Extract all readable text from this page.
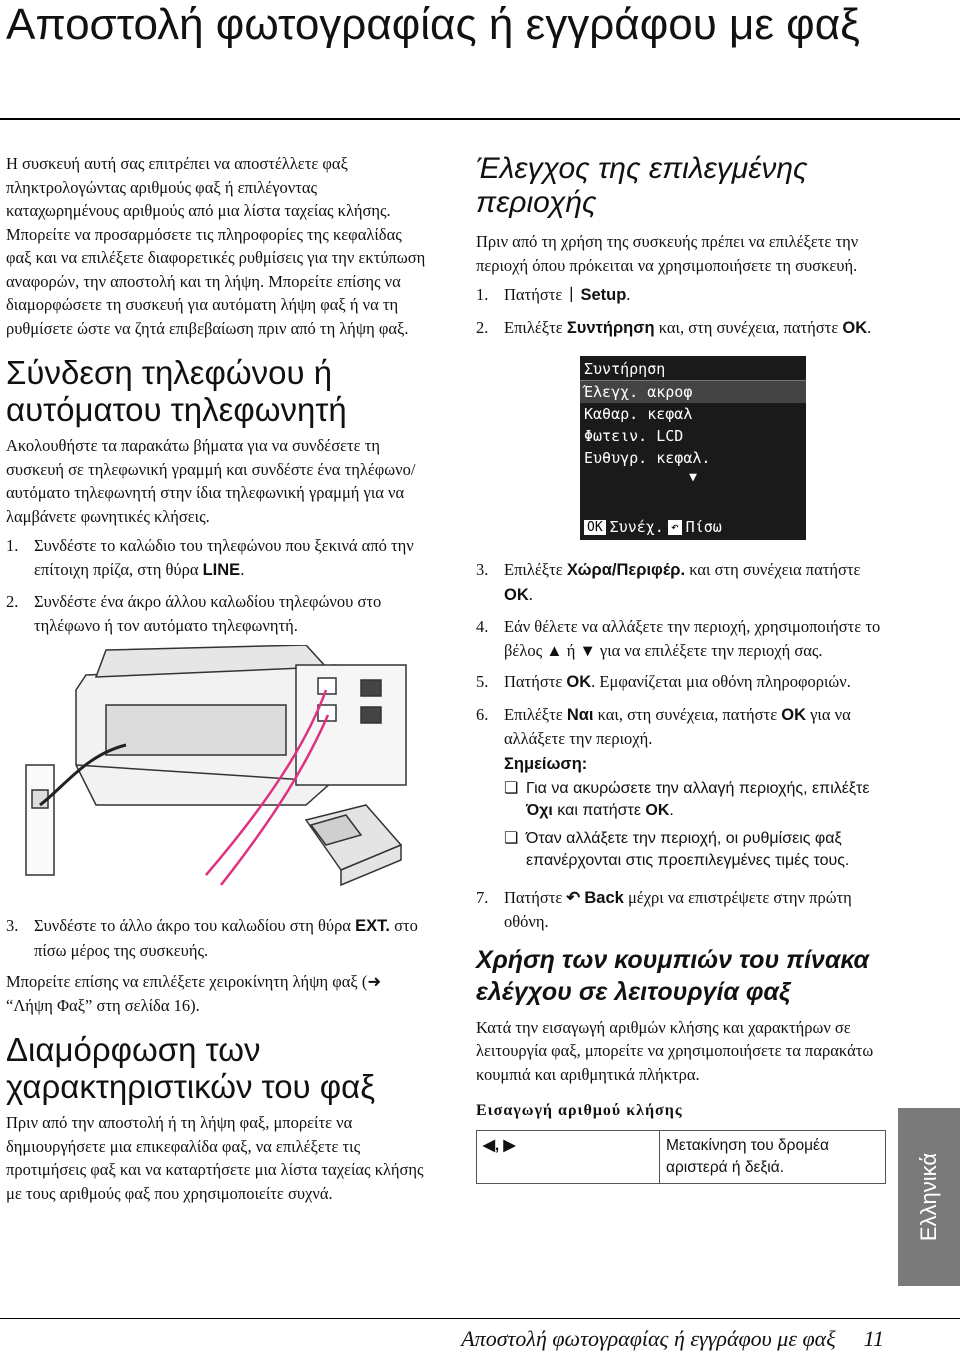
Αποστολή φωτογραφίας ή εγγράφου με φαξ

Η συσκευή αυτή σας επιτρέπει να αποστέλλετε φαξ πληκτρολογώντας αριθμούς φαξ ή επιλέγοντας καταχωρημένους αριθμούς από μια λίστα ταχείας κλήσης. Μπορείτε να προσαρμόσετε τις πληροφορίες της κεφαλίδας φαξ και να επιλέξετε διαφορετικές ρυθμίσεις για την εκτύπωση αναφορών, την αποστολή και τη λήψη. Μπορείτε επίσης να διαμορφώσετε τη συσκευή για αυτόματη λήψη φαξ ή να τη ρυθμίσετε ώστε να ζητά επιβεβαίωση πριν από τη λήψη φαξ.

Σύνδεση τηλεφώνου ή αυτόματου τηλεφωνητή

Ακολουθήστε τα παρακάτω βήματα για να συνδέσετε τη συσκευή σε τηλεφωνική γραμμή και συνδέστε ένα τηλέφωνο/αυτόματο τηλεφωνητή στην ίδια τηλεφωνική γραμμή για να λαμβάνετε φωνητικές κλήσεις.

1. Συνδέστε το καλώδιο του τηλεφώνου που ξεκινά από την επίτοιχη πρίζα, στη θύρα LINE.
2. Συνδέστε ένα άκρο άλλου καλωδίου τηλεφώνου στο τηλέφωνο ή τον αυτόματο τηλεφωνητή.
3. Συνδέστε το άλλο άκρο του καλωδίου στη θύρα EXT. στο πίσω μέρος της συσκευής.

Μπορείτε επίσης να επιλέξετε χειροκίνητη λήψη φαξ (➜ “Λήψη Φαξ” στη σελίδα 16).

Διαμόρφωση των χαρακτηριστικών του φαξ

Πριν από την αποστολή ή τη λήψη φαξ, μπορείτε να δημιουργήσετε μια επικεφαλίδα φαξ, να επιλέξετε τις προτιμήσεις φαξ και να καταρτήσετε μια λίστα ταχείας κλήσης με τους αριθμούς φαξ που χρησιμοποιείτε συχνά.

Έλεγχος της επιλεγμένης περιοχής

Πριν από τη χρήση της συσκευής πρέπει να επιλέξετε την περιοχή όπου πρόκειται να χρησιμοποιήσετε τη συσκευή.

1. Πατήστε ᛁ Setup.
2. Επιλέξτε Συντήρηση και, στη συνέχεια, πατήστε OK.
Συντήρηση
Έλεγχ. ακροφ
Καθαρ. κεφαλ
Φωτειν. LCD
Ευθυγρ. κεφαλ.
▼
OK Συνέχ. ↶ Πίσω
3. Επιλέξτε Χώρα/Περιφέρ. και στη συνέχεια πατήστε OK.
4. Εάν θέλετε να αλλάξετε την περιοχή, χρησιμοποιήστε το βέλος ▲ ή ▼ για να επιλέξετε την περιοχή σας.
5. Πατήστε OK. Εμφανίζεται μια οθόνη πληροφοριών.
6. Επιλέξτε Ναι και, στη συνέχεια, πατήστε OK για να αλλάξετε την περιοχή.
Σημείωση:
❏ Για να ακυρώσετε την αλλαγή περιοχής, επιλέξτε Όχι και πατήστε OK.
❏ Όταν αλλάξετε την περιοχή, οι ρυθμίσεις φαξ επανέρχονται στις προεπιλεγμένες τιμές τους.
7. Πατήστε ↶ Back μέχρι να επιστρέψετε στην πρώτη οθόνη.
Χρήση των κουμπιών του πίνακα ελέγχου σε λειτουργία φαξ

Κατά την εισαγωγή αριθμών κλήσης και χαρακτήρων σε λειτουργία φαξ, μπορείτε να χρησιμοποιήσετε τα παρακάτω κουμπιά και αριθμητικά πλήκτρα.

Εισαγωγή αριθμού κλήσης
◀, ▶	Μετακίνηση του δρομέα αριστερά ή δεξιά.	Ελληνικά
Αποστολή φωτογραφίας ή εγγράφου με φαξ 11
